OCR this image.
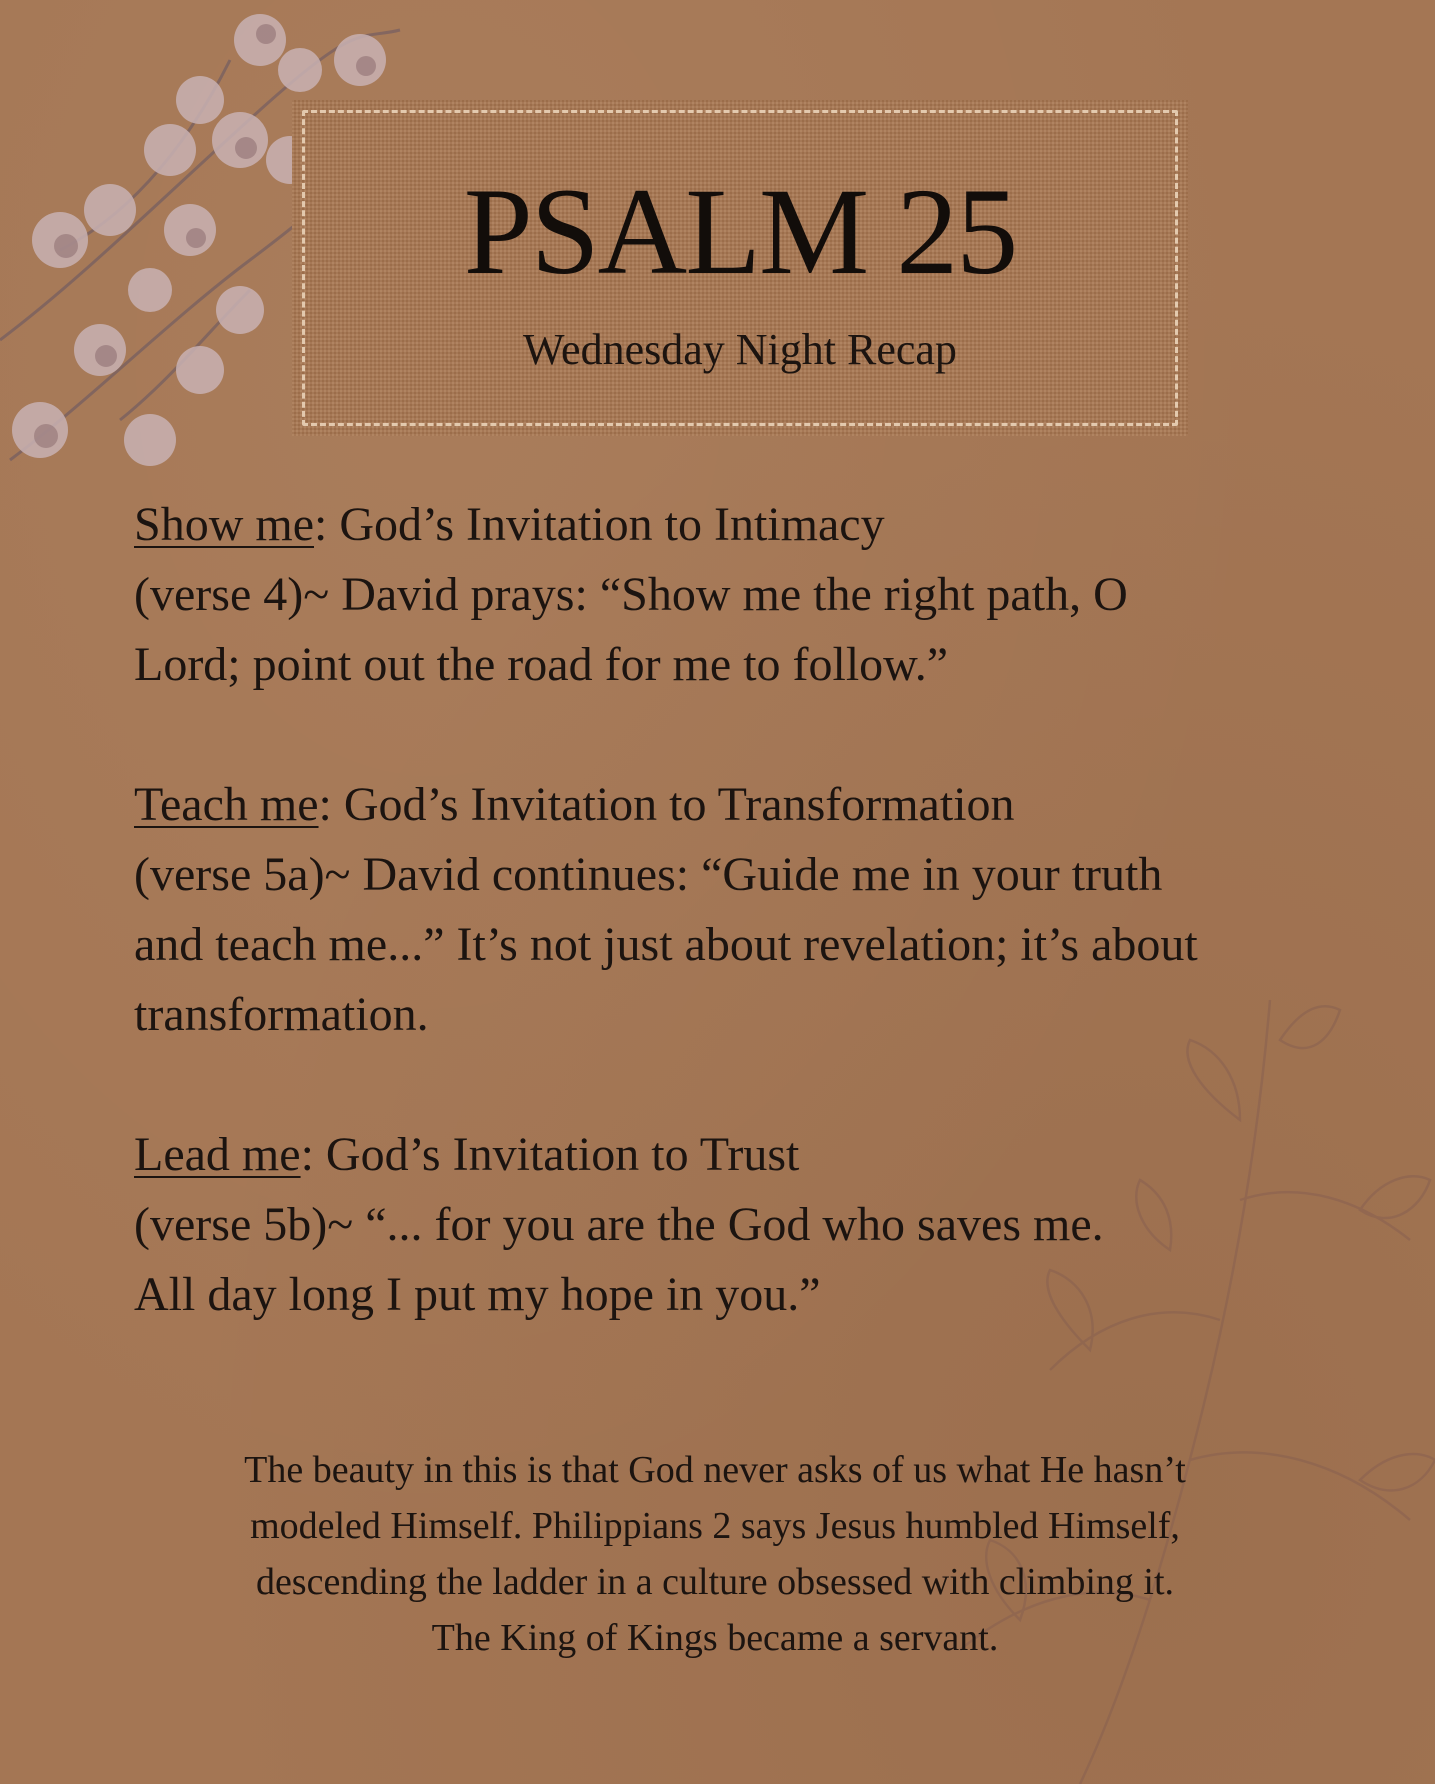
PSALM 25
Wednesday Night Recap

Show me: God’s Invitation to Intimacy

(verse 4)~ David prays: “Show me the right path, O

Lord; point out the road for me to follow.”

Teach me: God’s Invitation to Transformation

(verse 5a)~ David continues: “Guide me in your truth

and teach me...” It’s not just about revelation; it’s about

transformation.

Lead me: God’s Invitation to Trust

(verse 5b)~ “... for you are the God who saves me.

All day long I put my hope in you.”

The beauty in this is that God never asks of us what He hasn’t

modeled Himself. Philippians 2 says Jesus humbled Himself,

descending the ladder in a culture obsessed with climbing it.

The King of Kings became a servant.
